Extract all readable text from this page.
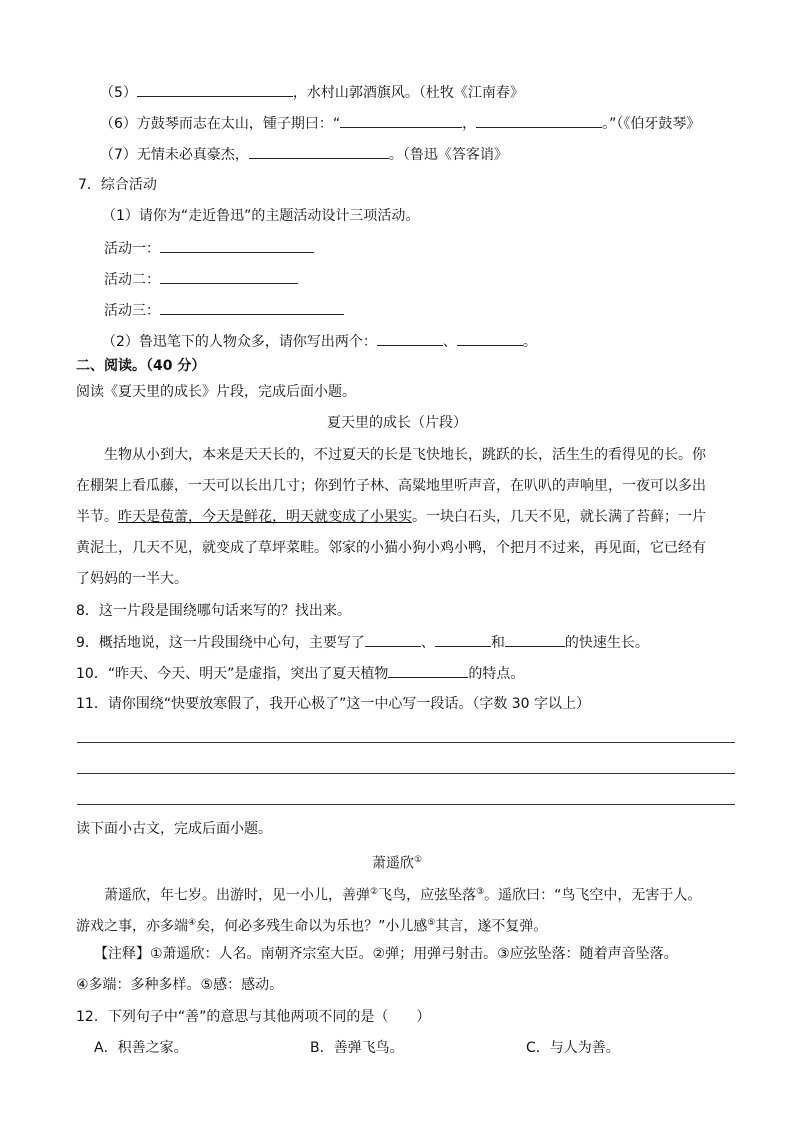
（5）	，水村山郭酒旗风。（杜牧《江南春》
（6）方鼓琴而志在太山，锺子期曰：“	，	。”（《伯牙鼓琴》
（7）无情未必真豪杰，	。（鲁迅《答客诮》
7．综合活动
（1）请你为“走近鲁迅”的主题活动设计三项活动。
活动一：
活动二：
活动三：
（2）鲁迅笔下的人物众多，请你写出两个：	、	。
二、阅读。（40 分）
阅读《夏天里的成长》片段，完成后面小题。
夏天里的成长（片段）
生物从小到大，本来是天天长的，不过夏天的长是飞快地长，跳跃的长，活生生的看得见的长。你
在棚架上看瓜藤，一天可以长出几寸；你到竹子林、高粱地里听声音，在叭叭的声响里，一夜可以多出
半节。昨天是苞蕾，今天是鲜花，明天就变成了小果实。一块白石头，几天不见，就长满了苔藓；一片
黄泥土，几天不见，就变成了草坪菜畦。邻家的小猫小狗小鸡小鸭，个把月不过来，再见面，它已经有
了妈妈的一半大。
8．这一片段是围绕哪句话来写的？找出来。
9．概括地说，这一片段围绕中心句，主要写了	、	和	的快速生长。
10．“昨天、今天、明天”是虚指，突出了夏天植物	的特点。
11．请你围绕“快要放寒假了，我开心极了”这一中心写一段话。（字数 30 字以上）
读下面小古文，完成后面小题。
萧遥欣①
萧遥欣，年七岁。出游时，见一小儿，善弹②飞鸟，应弦坠落③。遥欣曰：“鸟飞空中，无害于人。
游戏之事，亦多端④矣，何必多残生命以为乐也？”小儿感⑤其言，遂不复弹。
【注释】①萧遥欣：人名。南朝齐宗室大臣。②弹；用弹弓射击。③应弦坠落：随着声音坠落。
④多端：多种多样。⑤感：感动。
12．下列句子中“善”的意思与其他两项不同的是（　　）
A．积善之家。	B．善弹飞鸟。	C．与人为善。
